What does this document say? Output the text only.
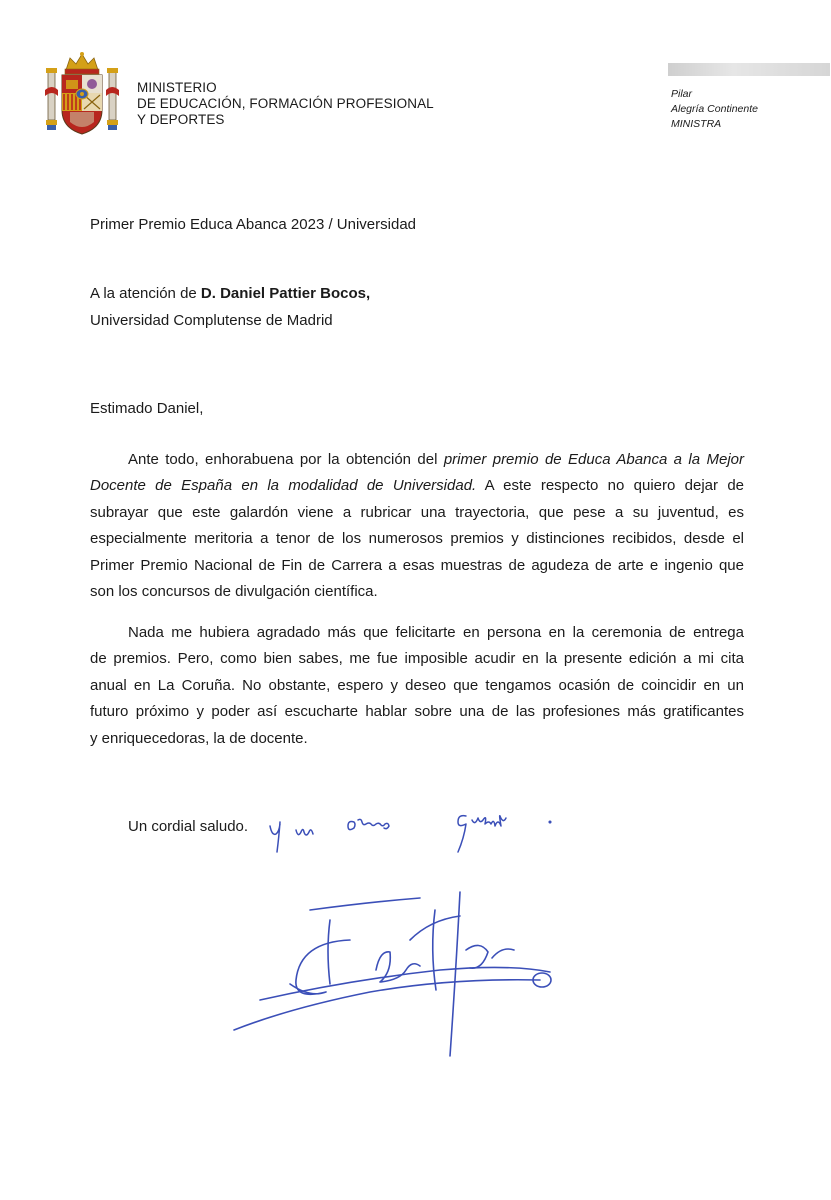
MINISTERIO
DE EDUCACIÓN, FORMACIÓN PROFESIONAL
Y DEPORTES
Pilar
Alegría Continente
MINISTRA
Primer Premio Educa Abanca 2023 / Universidad
A la atención de D. Daniel Pattier Bocos,
Universidad Complutense de Madrid
Estimado Daniel,
Ante todo, enhorabuena por la obtención del primer premio de Educa Abanca a la Mejor
Docente de España en la modalidad de Universidad. A este respecto no quiero dejar de
subrayar que este galardón viene a rubricar una trayectoria, que pese a su juventud, es
especialmente meritoria a tenor de los numerosos premios y distinciones recibidos, desde el
Primer Premio Nacional de Fin de Carrera a esas muestras de agudeza de arte e ingenio que
son los concursos de divulgación científica.
Nada me hubiera agradado más que felicitarte en persona en la ceremonia de entrega
de premios. Pero, como bien sabes, me fue imposible acudir en la presente edición a mi cita
anual en La Coruña. No obstante, espero y deseo que tengamos ocasión de coincidir en un
futuro próximo y poder así escucharte hablar sobre una de las profesiones más gratificantes
y enriquecedoras, la de docente.
Un cordial saludo.
